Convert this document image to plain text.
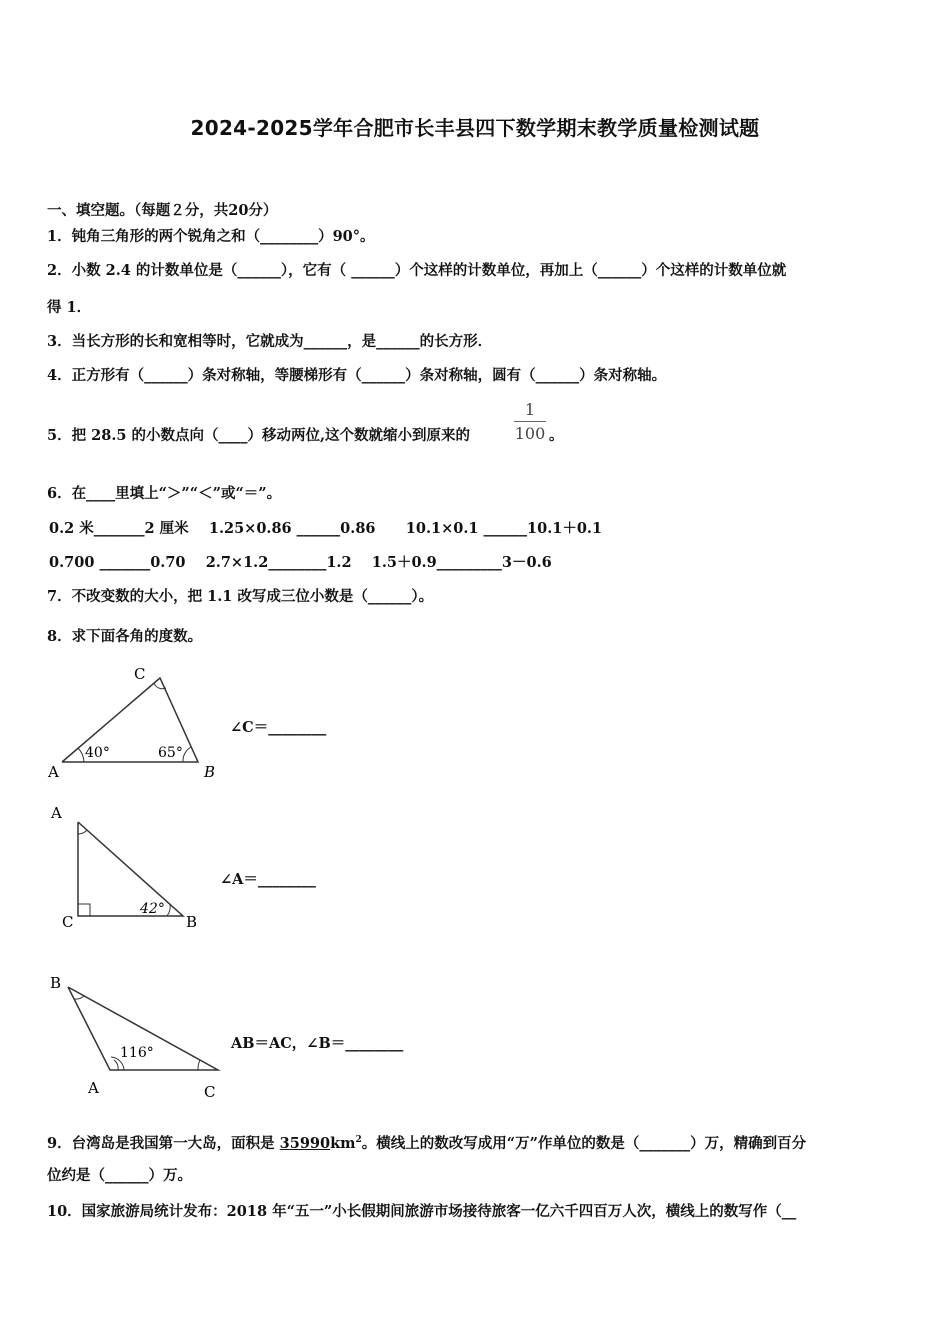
2024-2025学年合肥市长丰县四下数学期末教学质量检测试题
一、填空题。（每题２分，共20分）
1．钝角三角形的两个锐角之和（________）90°。
2．小数 2.4 的计数单位是（______），它有（ ______）个这样的计数单位，再加上（______）个这样的计数单位就
得 1．
3．当长方形的长和宽相等时，它就成为______，是______的长方形．
4．正方形有（______）条对称轴，等腰梯形有（______）条对称轴，圆有（______）条对称轴。
5．把 28.5 的小数点向（____）移动两位,这个数就缩小到原来的
1
100 。
6．在____里填上“＞”“＜”或“＝”。
0.2 米_______2 厘米    1.25×0.86 ______0.86      10.1×0.1 ______10.1＋0.1
0.700 _______0.70    2.7×1.2________1.2    1.5＋0.9_________3－0.6
7．不改变数的大小，把 1.1 改写成三位小数是（______）。
8．求下面各角的度数。
C
A	B
40°	65°
∠C＝________
A
C	B
42°
∠A＝________
B
A	C
116°
AB＝AC，∠B＝________
9．台湾岛是我国第一大岛，面积是 $35990km^2$。横线上的数改写成用“万”作单位的数是（_______）万，精确到百分
位约是（______）万。
10．国家旅游局统计发布：2018 年“五一”小长假期间旅游市场接待旅客一亿六千四百万人次，横线上的数写作（__
